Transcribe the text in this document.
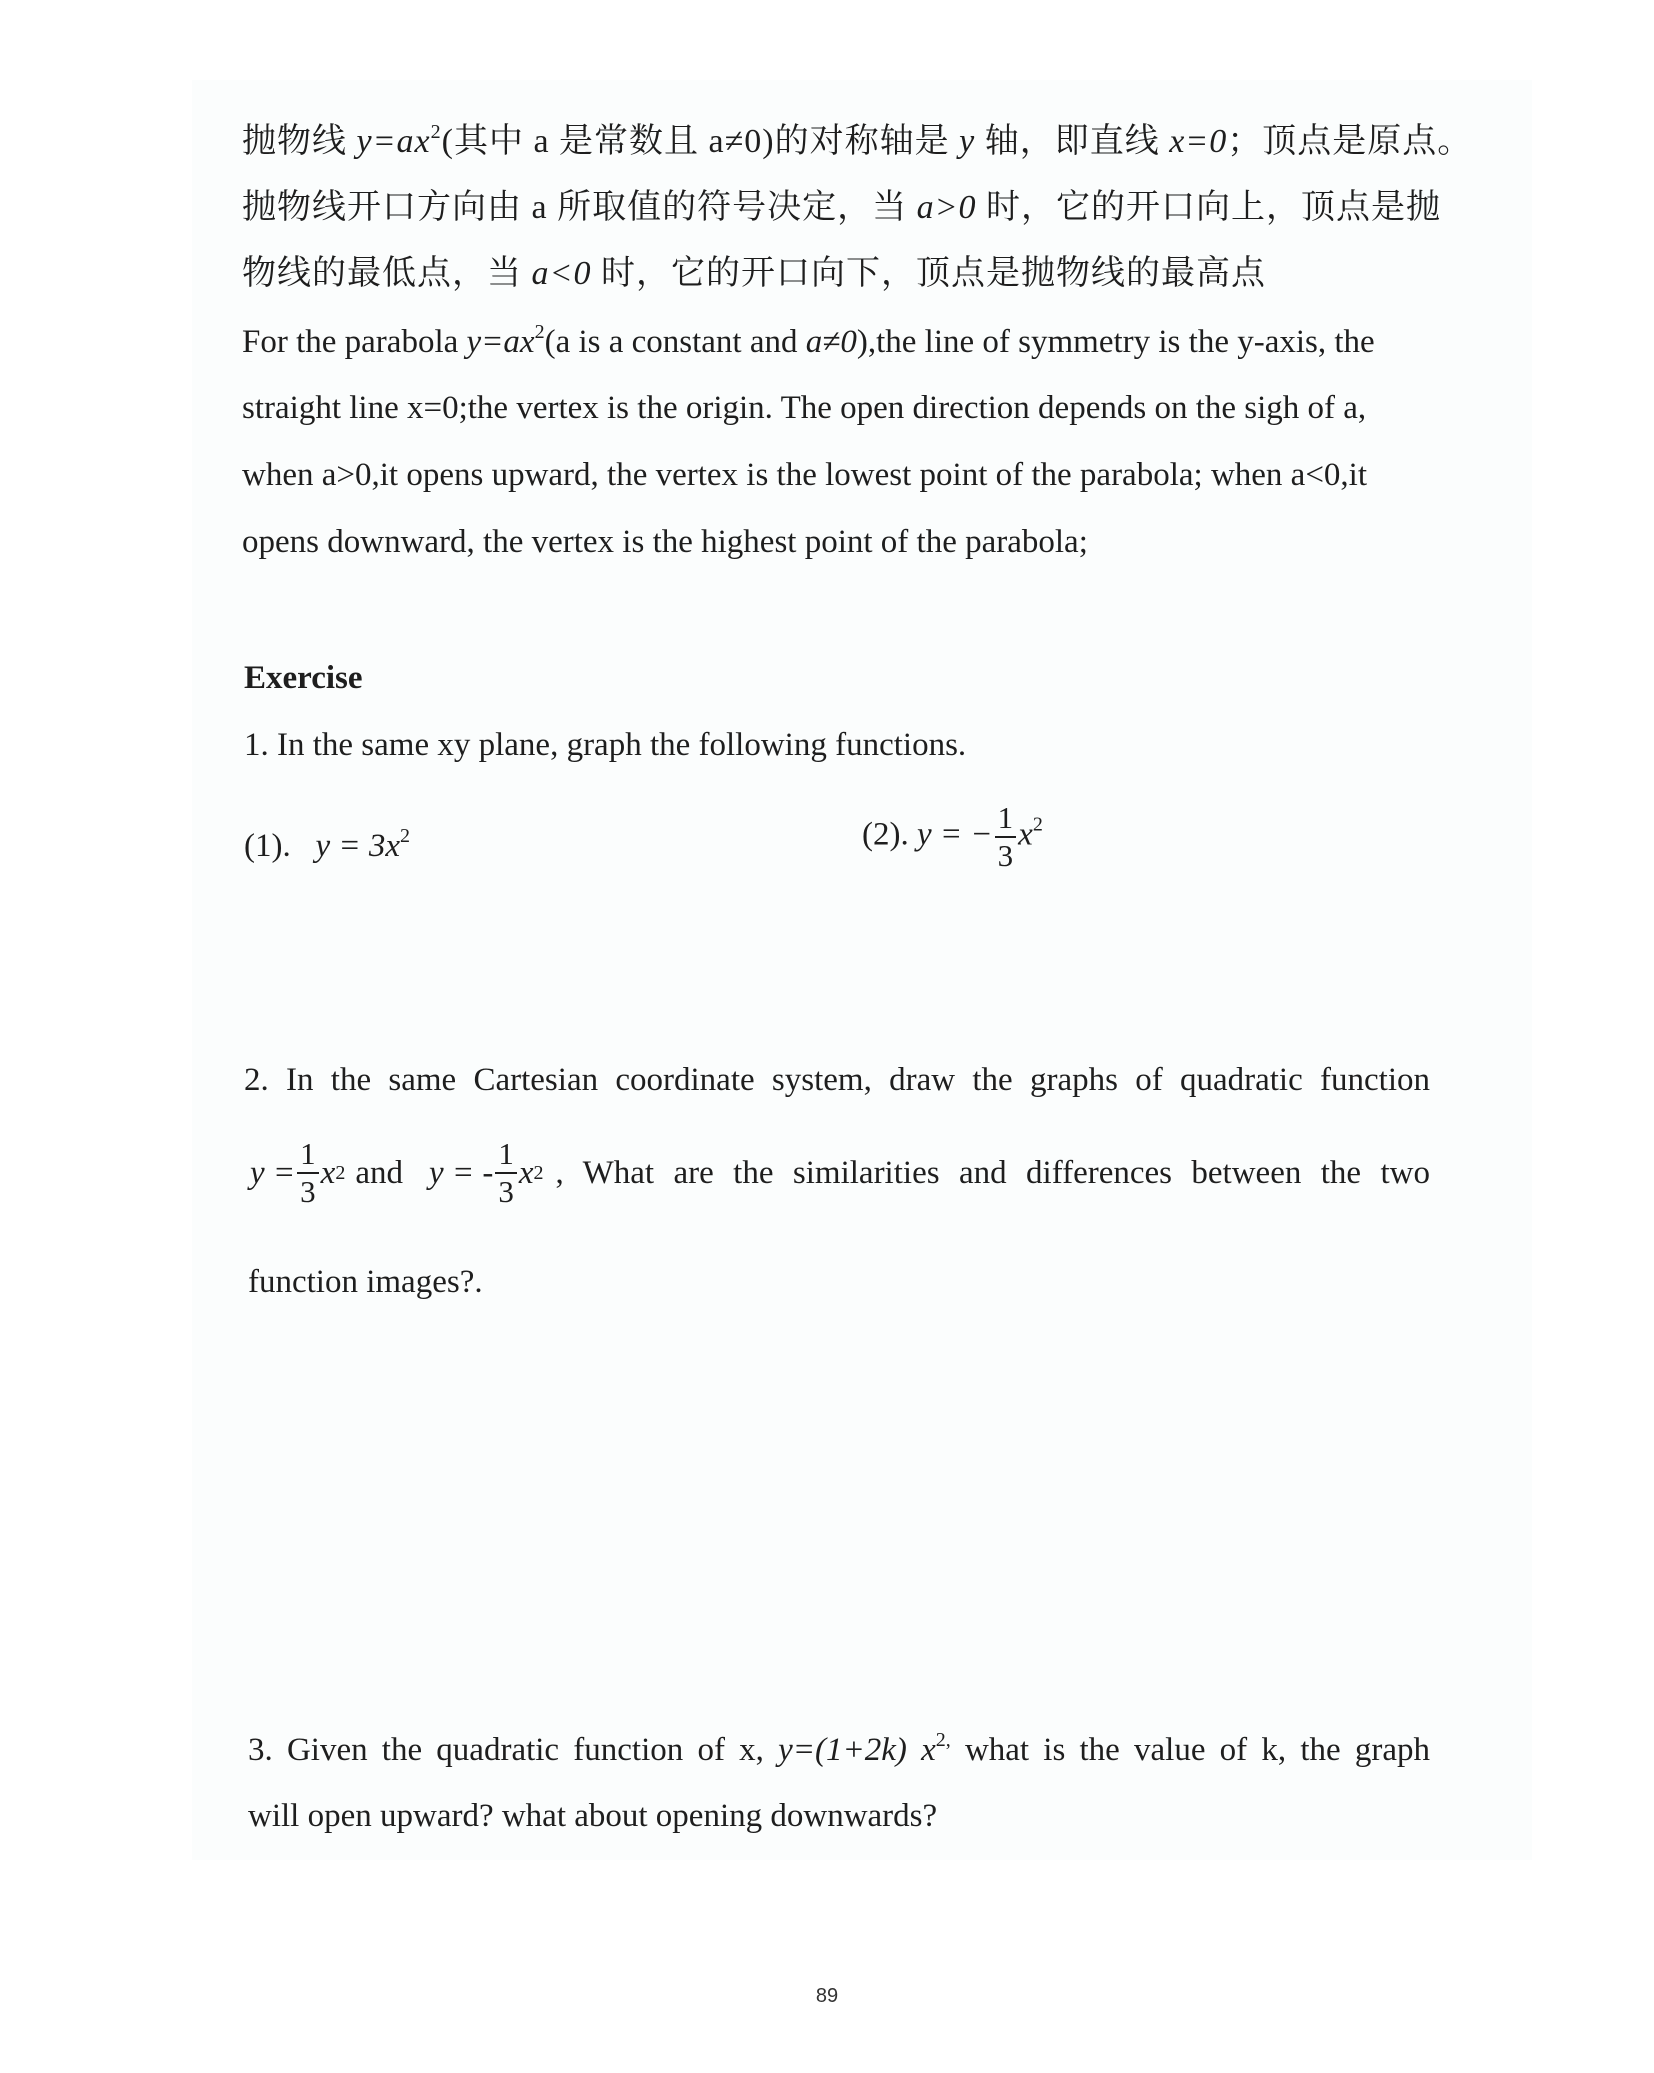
抛物线 $y=ax^2$(其中 a 是常数且 a≠0)的对称轴是 y 轴，即直线 x=0；顶点是原点。
抛物线开口方向由 a 所取值的符号决定，当 a>0 时，它的开口向上，顶点是抛
物线的最低点，当 a<0 时，它的开口向下，顶点是抛物线的最高点
For the parabola $y=ax^2(a$ is a constant and a≠0),the line of symmetry is the y-axis, the
straight line x=0;the vertex is the origin. The open direction depends on the sigh of a,
when a>0,it opens upward, the vertex is the lowest point of the parabola; when a<0,it
opens downward, the vertex is the highest point of the parabola;
Exercise
1. In the same xy plane, graph the following functions.
(1). $y = 3x^2$	(2). y = − $\frac{1}{3} x^2$
2. In the same Cartesian coordinate system, draw the graphs of quadratic function
$y = \frac{1}{3}$ x 2 and y = - $\frac{1}{3}$ x 2 , What are the similarities and differences between the two
function images?.
3. Given the quadratic function of x, y=(1+2k) $x^{2,}$ what is the value of k, the graph
will open upward? what about opening downwards?
89
